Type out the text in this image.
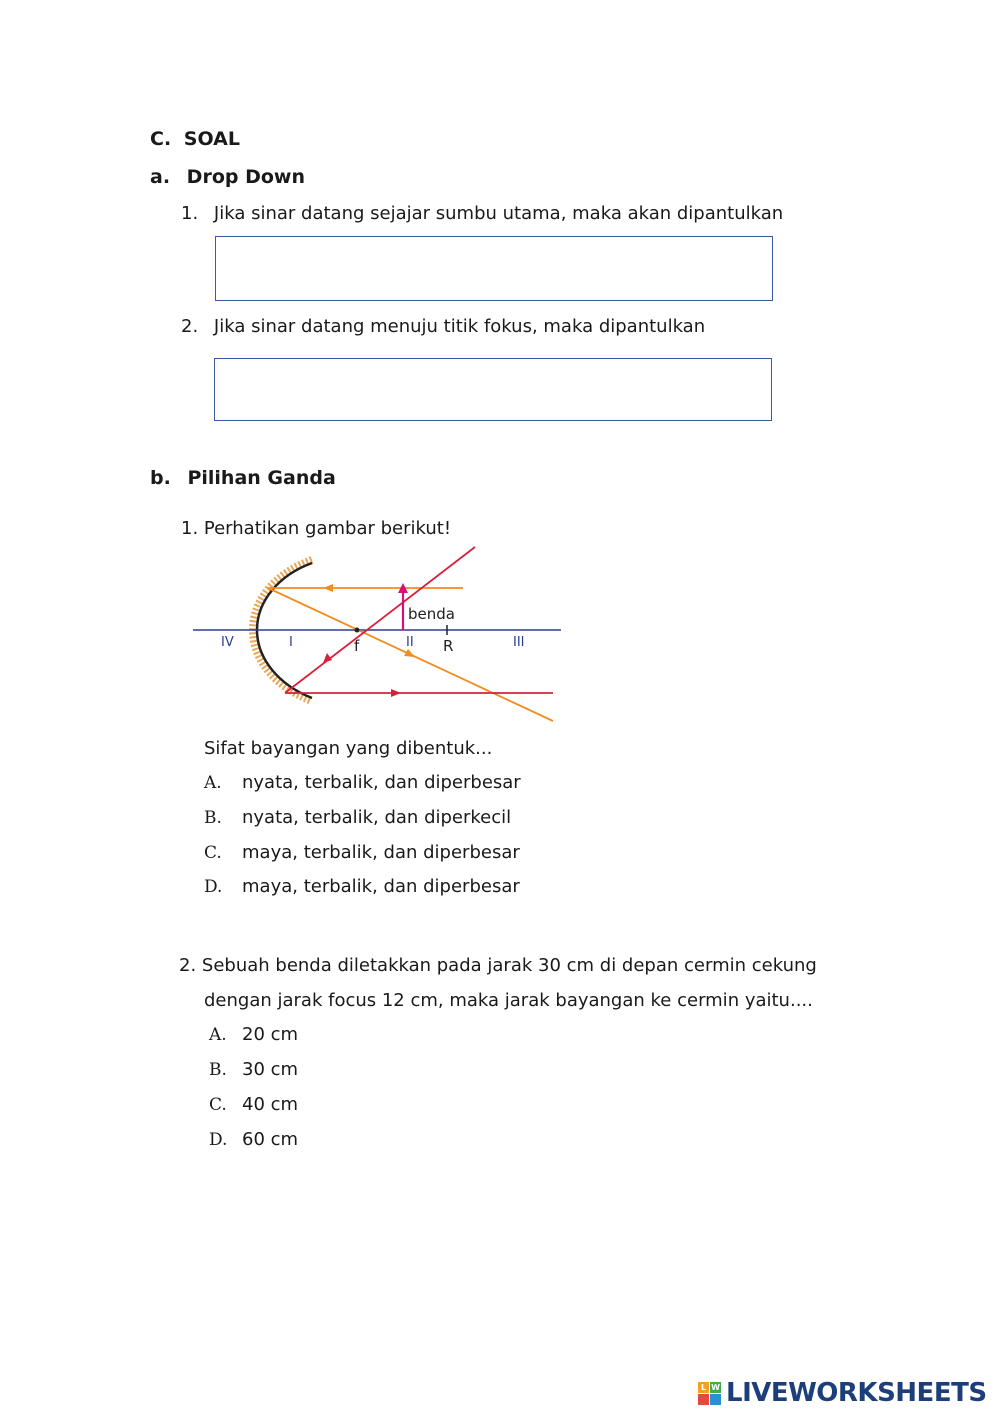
C. SOAL
a. Drop Down
1. Jika sinar datang sejajar sumbu utama, maka akan dipantulkan
2. Jika sinar datang menuju titik fokus, maka dipantulkan
b. Pilihan Ganda
1. Perhatikan gambar berikut!
IV	I	II R	III
f
benda
Sifat bayangan yang dibentuk...
A. nyata, terbalik, dan diperbesar
B. nyata, terbalik, dan diperkecil
C. maya, terbalik, dan diperbesar
D. maya, terbalik, dan diperbesar
2. Sebuah benda diletakkan pada jarak 30 cm di depan cermin cekung
dengan jarak focus 12 cm, maka jarak bayangan ke cermin yaitu....
A. 20 cm
B. 30 cm
C. 40 cm
D. 60 cm
L W LIVEWORKSHEETS
